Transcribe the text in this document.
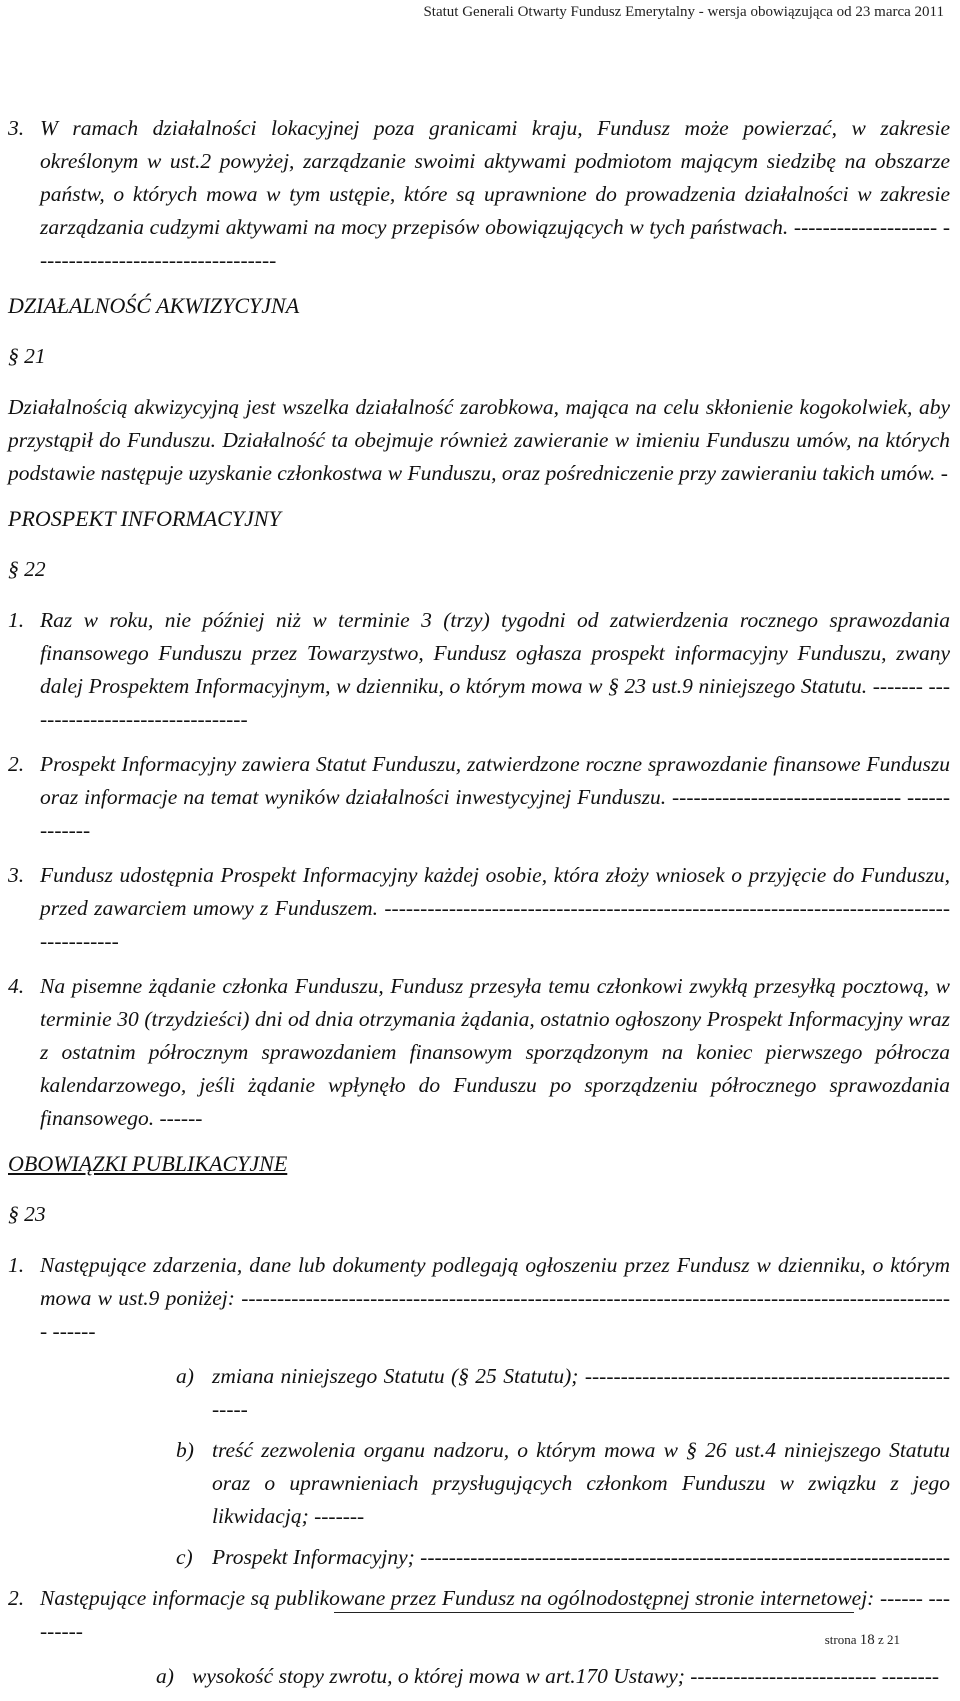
Statut Generali Otwarty Fundusz Emerytalny - wersja obowiązująca od 23 marca 2011
3. W ramach działalności lokacyjnej poza granicami kraju, Fundusz może powierzać, w zakresie określonym w ust.2 powyżej, zarządzanie swoimi aktywami podmiotom mającym siedzibę na obszarze państw, o których mowa w tym ustępie, które są uprawnione do prowadzenia działalności w zakresie zarządzania cudzymi aktywami na mocy przepisów obowiązujących w tych państwach. -------------------- ----------------------------------
DZIAŁALNOŚĆ AKWIZYCYJNA
§ 21
Działalnością akwizycyjną jest wszelka działalność zarobkowa, mająca na celu skłonienie kogokolwiek, aby przystąpił do Funduszu. Działalność ta obejmuje również zawieranie w imieniu Funduszu umów, na których podstawie następuje uzyskanie członkostwa w Funduszu, oraz pośredniczenie przy zawieraniu takich umów. -
PROSPEKT INFORMACYJNY
§ 22
1. Raz w roku, nie później niż w terminie 3 (trzy) tygodni od zatwierdzenia rocznego sprawozdania finansowego Funduszu przez Towarzystwo, Fundusz ogłasza prospekt informacyjny Funduszu, zwany dalej Prospektem Informacyjnym, w dzienniku, o którym mowa w § 23 ust.9 niniejszego Statutu. ------- --------------------------------
2. Prospekt Informacyjny zawiera Statut Funduszu, zatwierdzone roczne sprawozdanie finansowe Funduszu oraz informacje na temat wyników działalności inwestycyjnej Funduszu. -------------------------------- -------------
3. Fundusz udostępnia Prospekt Informacyjny każdej osobie, która złoży wniosek o przyjęcie do Funduszu, przed zawarciem umowy z Funduszem. ------------------------------------------------------------------------------- -----------
4. Na pisemne żądanie członka Funduszu, Fundusz przesyła temu członkowi zwykłą przesyłką pocztową, w terminie 30 (trzydzieści) dni od dnia otrzymania żądania, ostatnio ogłoszony Prospekt Informacyjny wraz z ostatnim półrocznym sprawozdaniem finansowym sporządzonym na koniec pierwszego półrocza kalendarzowego, jeśli żądanie wpłynęło do Funduszu po sporządzeniu półrocznego sprawozdania finansowego. ------
OBOWIĄZKI PUBLIKACYJNE
§ 23
1. Następujące zdarzenia, dane lub dokumenty podlegają ogłoszeniu przez Fundusz w dzienniku, o którym mowa w ust.9 poniżej: ---------------------------------------------------------------------------------------------------- ------
a) zmiana niniejszego Statutu (§ 25 Statutu); --------------------------------------------------------
b) treść zezwolenia organu nadzoru, o którym mowa w § 26 ust.4 niniejszego Statutu oraz o uprawnieniach przysługujących członkom Funduszu w związku z jego likwidacją; -------
c) Prospekt Informacyjny; --------------------------------------------------------------------------
2. Następujące informacje są publikowane przez Fundusz na ogólnodostępnej stronie internetowej: ------ ---------
a) wysokość stopy zwrotu, o której mowa w art.170 Ustawy; -------------------------- --------
strona 18 z 21
